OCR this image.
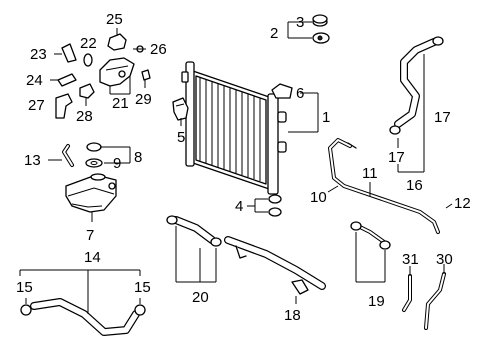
1
3
2
5
6
4
7
8
9
13
21
25
22	26
23
24
27
28
29
17
17
16
11
10	12
20
18
19
31 30
14
15	15
